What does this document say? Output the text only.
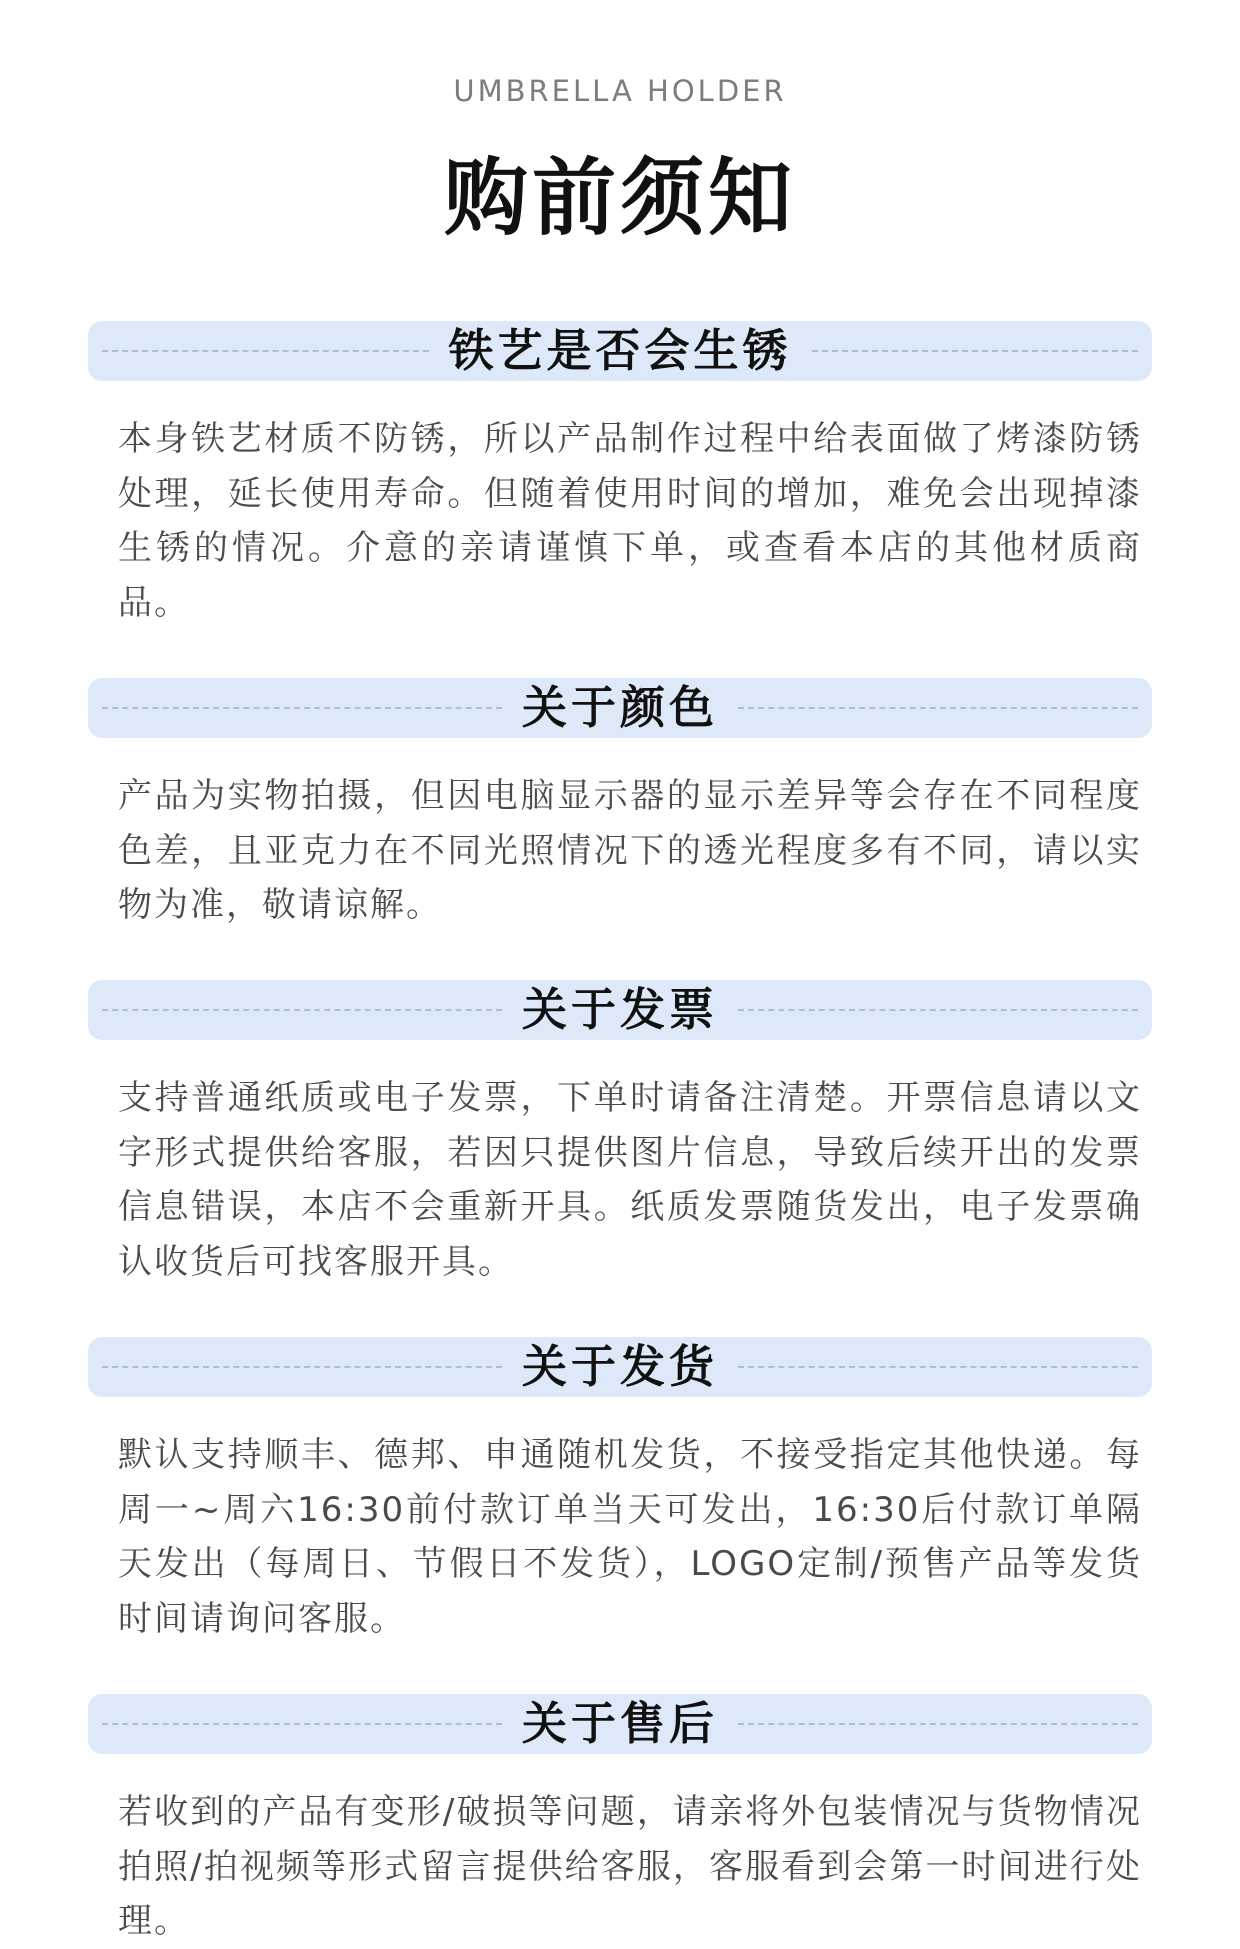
UMBRELLA HOLDER
购前须知
铁艺是否会生锈

本身铁艺材质不防锈，所以产品制作过程中给表面做了烤漆防锈处理，延长使用寿命。但随着使用时间的增加，难免会出现掉漆生锈的情况。介意的亲请谨慎下单，或查看本店的其他材质商品。

关于颜色

产品为实物拍摄，但因电脑显示器的显示差异等会存在不同程度色差，且亚克力在不同光照情况下的透光程度多有不同，请以实物为准，敬请谅解。

关于发票

支持普通纸质或电子发票，下单时请备注清楚。开票信息请以文字形式提供给客服，若因只提供图片信息，导致后续开出的发票信息错误，本店不会重新开具。纸质发票随货发出，电子发票确认收货后可找客服开具。

关于发货

默认支持顺丰、德邦、申通随机发货，不接受指定其他快递。每周一~周六16:30前付款订单当天可发出，16:30后付款订单隔天发出（每周日、节假日不发货），LOGO定制/预售产品等发货时间请询问客服。

关于售后

若收到的产品有变形/破损等问题，请亲将外包装情况与货物情况拍照/拍视频等形式留言提供给客服，客服看到会第一时间进行处理。
